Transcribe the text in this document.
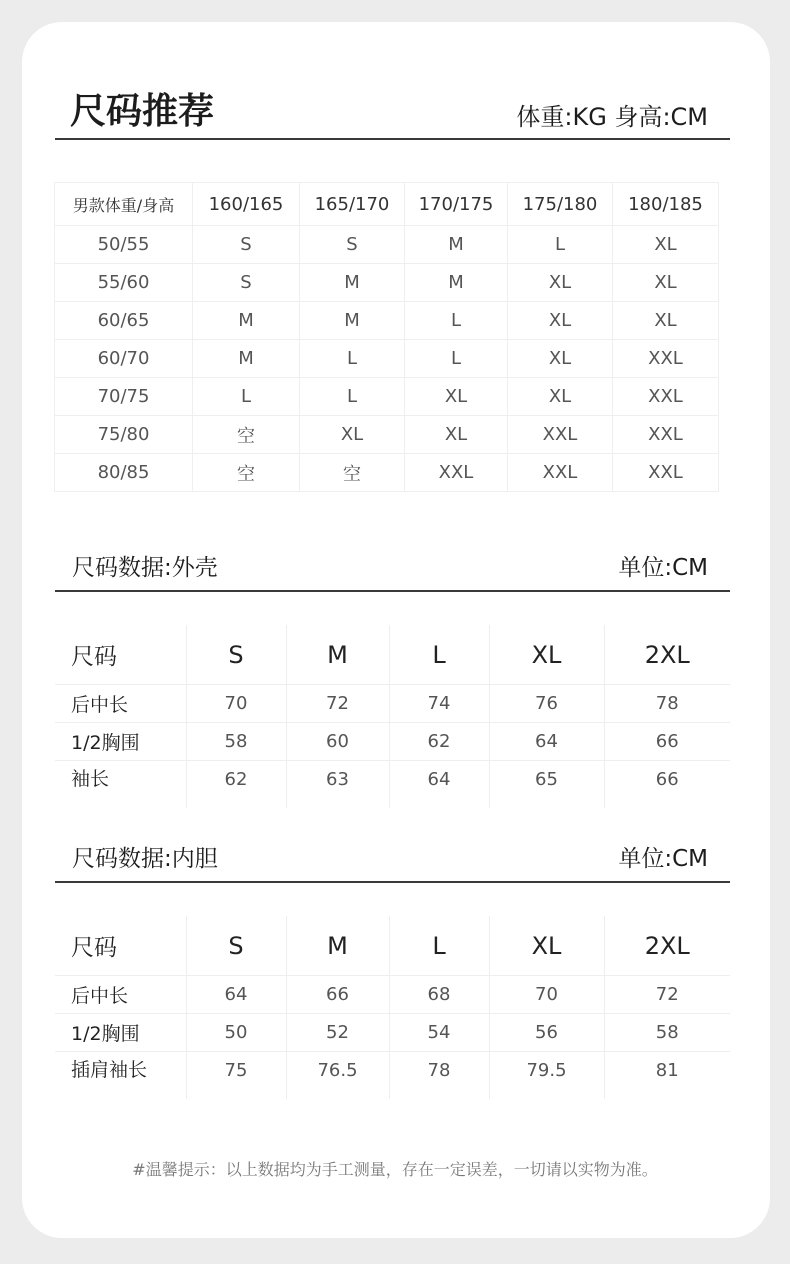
尺码推荐	体重:KG 身高:CM
男款体重/身高	160/165	165/170	170/175	175/180	180/185
50/55	S	S	M	L	XL
55/60	S	M	M	XL	XL
60/65	M	M	L	XL	XL
60/70	M	L	L	XL	XXL
70/75	L	L	XL	XL	XXL
75/80	空	XL	XL	XXL	XXL
80/85	空	空	XXL	XXL	XXL
尺码数据:外壳	单位:CM
尺码	S	M	L	XL	2XL
后中长	70	72	74	76	78
1/2胸围	58	60	62	64	66
袖长	62	63	64	65	66
尺码数据:内胆	单位:CM
尺码	S	M	L	XL	2XL
后中长	64	66	68	70	72
1/2胸围	50	52	54	56	58
插肩袖长	75	76.5	78	79.5	81
#温馨提示：以上数据均为手工测量，存在一定误差，一切请以实物为准。
